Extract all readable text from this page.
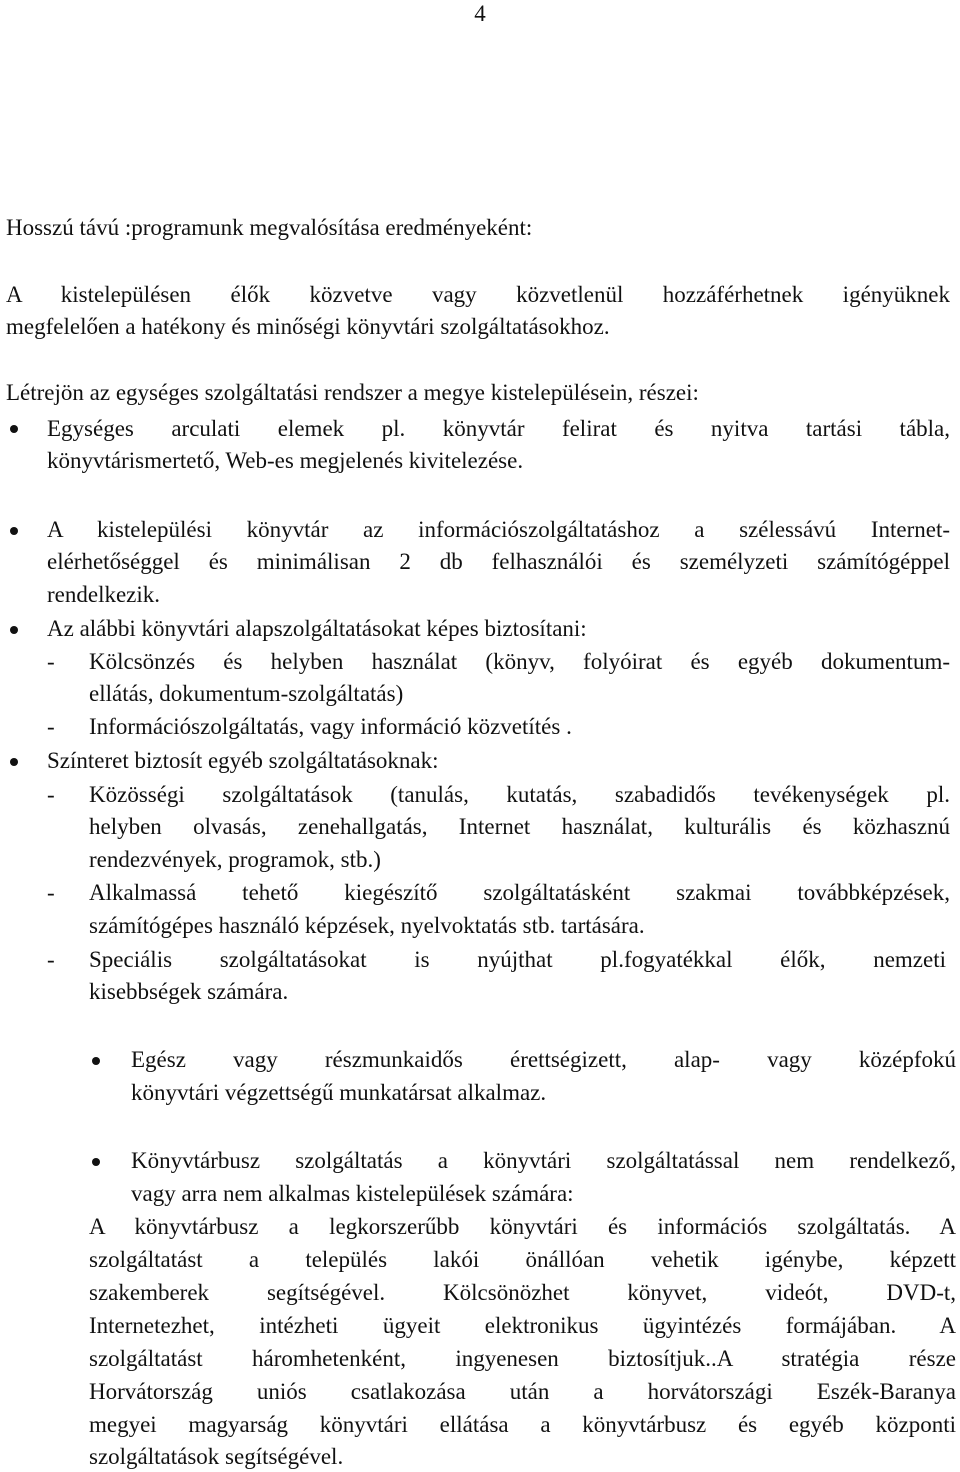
4
Hosszú távú :programunk megvalósítása eredményeként:
A kistelepülésen élők közvetve vagy közvetlenül hozzáférhetnek igényüknek
megfelelően a hatékony és minőségi könyvtári szolgáltatásokhoz.
Létrejön az egységes szolgáltatási rendszer a megye kistelepülésein, részei:
Egységes arculati elemek pl. könyvtár felirat és nyitva tartási tábla,
könyvtárismertető, Web-es megjelenés kivitelezése.
A kistelepülési könyvtár az információszolgáltatáshoz a szélessávú Internet-
elérhetőséggel és minimálisan 2 db felhasználói és személyzeti számítógéppel
rendelkezik.
Az alábbi könyvtári alapszolgáltatásokat képes biztosítani:
- Kölcsönzés és helyben használat (könyv, folyóirat és egyéb dokumentum-
ellátás, dokumentum-szolgáltatás)
- Információszolgáltatás, vagy információ közvetítés .
Színteret biztosít egyéb szolgáltatásoknak:
- Közösségi szolgáltatások (tanulás, kutatás, szabadidős tevékenységek pl.
helyben olvasás, zenehallgatás, Internet használat, kulturális és közhasznú
rendezvények, programok, stb.)
- Alkalmassá tehető kiegészítő szolgáltatásként szakmai továbbképzések,
számítógépes használó képzések, nyelvoktatás stb. tartására.
- Speciális szolgáltatásokat is nyújthat pl.fogyatékkal élők, nemzeti
kisebbségek számára.
Egész vagy részmunkaidős érettségizett, alap- vagy középfokú
könyvtári végzettségű munkatársat alkalmaz.
Könyvtárbusz szolgáltatás a könyvtári szolgáltatással nem rendelkező,
vagy arra nem alkalmas kistelepülések számára:
A könyvtárbusz a legkorszerűbb könyvtári és információs szolgáltatás. A
szolgáltatást a település lakói önállóan vehetik igénybe, képzett
szakemberek segítségével. Kölcsönözhet könyvet, videót, DVD-t,
Internetezhet, intézheti ügyeit elektronikus ügyintézés formájában. A
szolgáltatást háromhetenként, ingyenesen biztosítjuk..A stratégia része
Horvátország uniós csatlakozása után a horvátországi Eszék-Baranya
megyei magyarság könyvtári ellátása a könyvtárbusz és egyéb központi
szolgáltatások segítségével.
